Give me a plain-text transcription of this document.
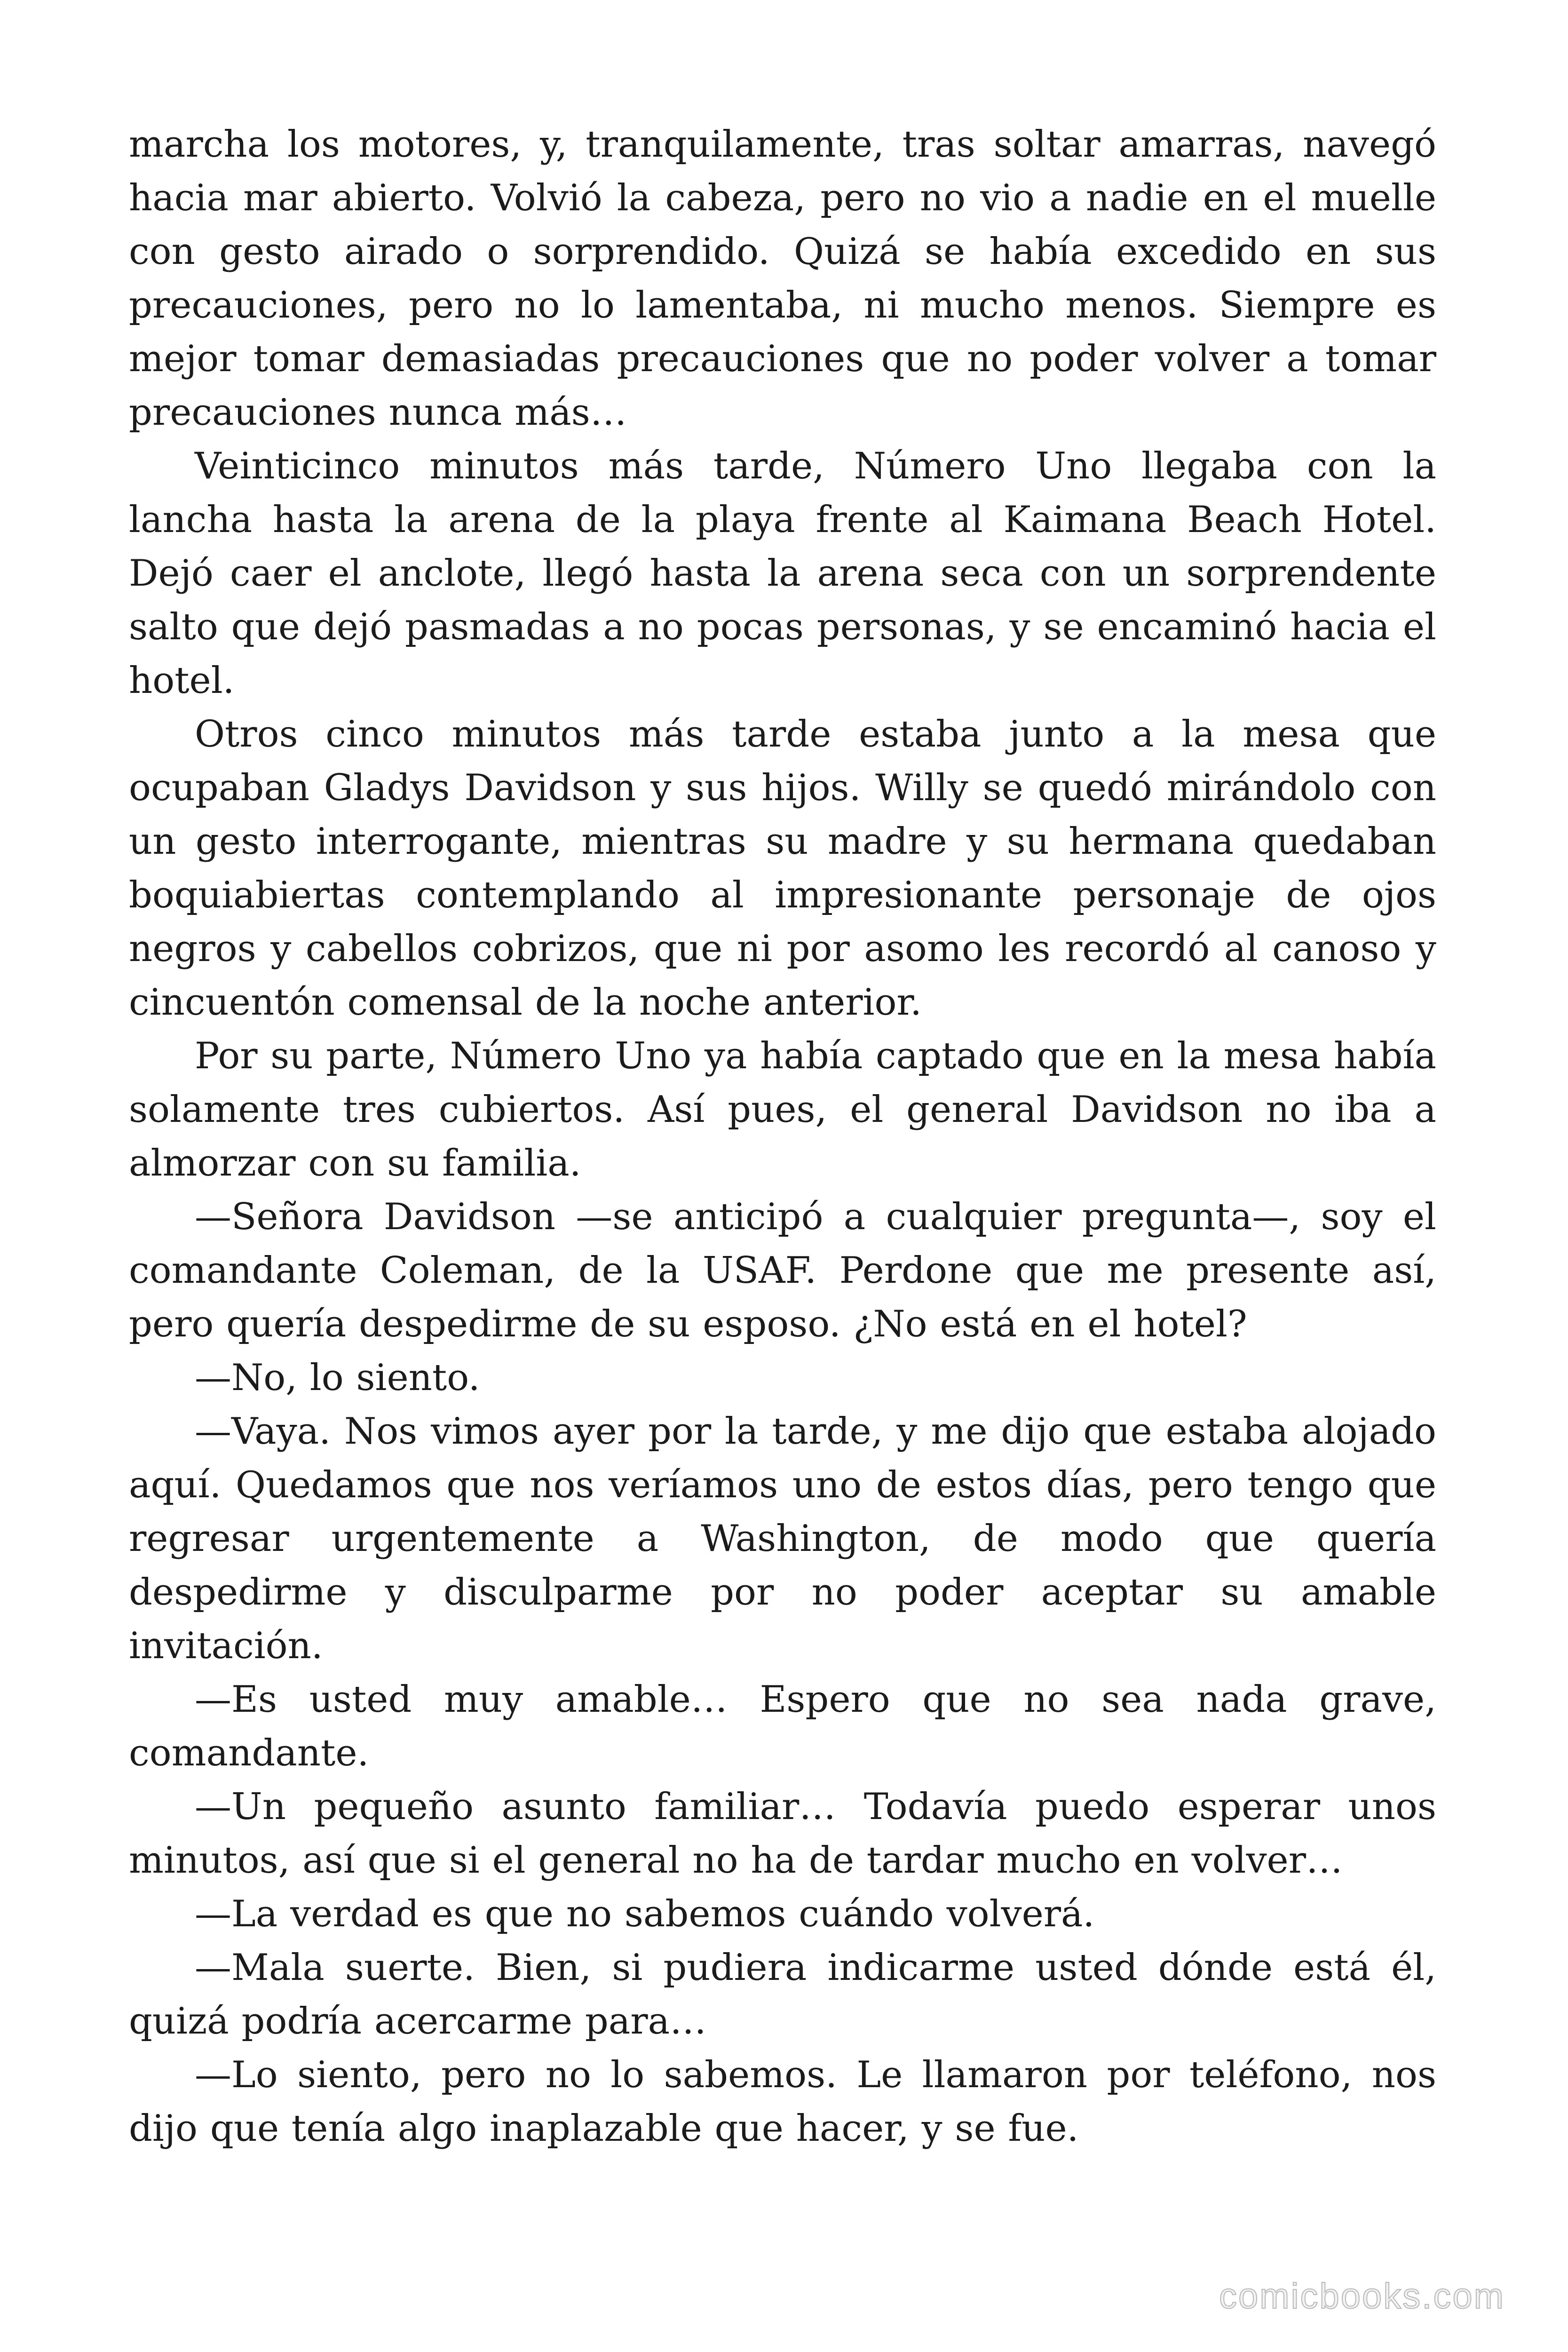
marcha los motores, y, tranquilamente, tras soltar amarras, navegó hacia mar abierto. Volvió la cabeza, pero no vio a nadie en el muelle con gesto airado o sorprendido. Quizá se había excedido en sus precauciones, pero no lo lamentaba, ni mucho menos. Siempre es mejor tomar demasiadas precauciones que no poder volver a tomar precauciones nunca más…

Veinticinco minutos más tarde, Número Uno llegaba con la lancha hasta la arena de la playa frente al Kaimana Beach Hotel. Dejó caer el anclote, llegó hasta la arena seca con un sorprendente salto que dejó pasmadas a no pocas personas, y se encaminó hacia el hotel.

Otros cinco minutos más tarde estaba junto a la mesa que ocupaban Gladys Davidson y sus hijos. Willy se quedó mirándolo con un gesto interrogante, mientras su madre y su hermana quedaban boquiabiertas contemplando al impresionante personaje de ojos negros y cabellos cobrizos, que ni por asomo les recordó al canoso y cincuentón comensal de la noche anterior.

Por su parte, Número Uno ya había captado que en la mesa había solamente tres cubiertos. Así pues, el general Davidson no iba a almorzar con su familia.

—Señora Davidson —se anticipó a cualquier pregunta—, soy el comandante Coleman, de la USAF. Perdone que me presente así, pero quería despedirme de su esposo. ¿No está en el hotel?

—No, lo siento.

—Vaya. Nos vimos ayer por la tarde, y me dijo que estaba alojado aquí. Quedamos que nos veríamos uno de estos días, pero tengo que regresar urgentemente a Washington, de modo que quería despedirme y disculparme por no poder aceptar su amable invitación.

—Es usted muy amable… Espero que no sea nada grave, comandante.

—Un pequeño asunto familiar… Todavía puedo esperar unos minutos, así que si el general no ha de tardar mucho en volver…

—La verdad es que no sabemos cuándo volverá.

—Mala suerte. Bien, si pudiera indicarme usted dónde está él, quizá podría acercarme para…

—Lo siento, pero no lo sabemos. Le llamaron por teléfono, nos dijo que tenía algo inaplazable que hacer, y se fue.

comicbooks.com
